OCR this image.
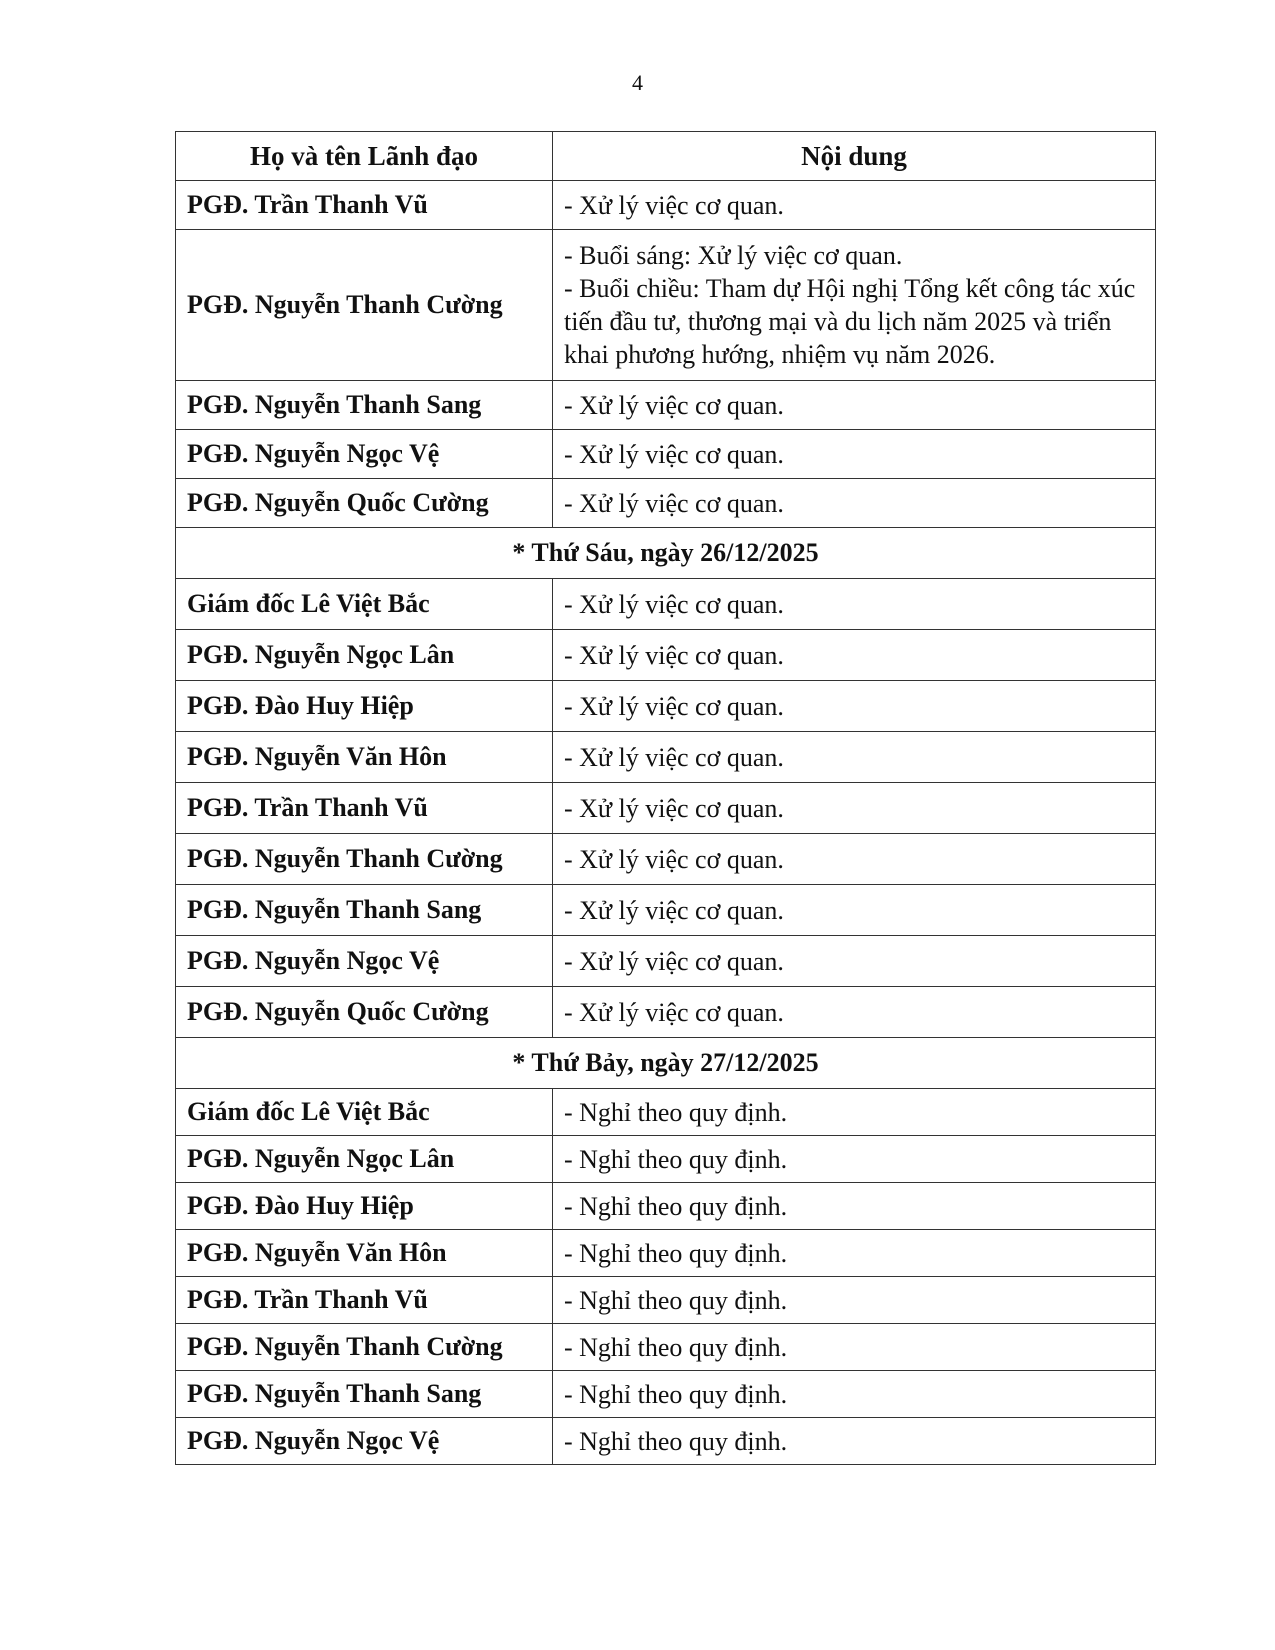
4
Họ và tên Lãnh đạo	Nội dung
PGĐ. Trần Thanh Vũ	- Xử lý việc cơ quan.
PGĐ. Nguyễn Thanh Cường	- Buổi sáng: Xử lý việc cơ quan.
- Buổi chiều: Tham dự Hội nghị Tổng kết công tác xúc tiến đầu tư, thương mại và du lịch năm 2025 và triển khai phương hướng, nhiệm vụ năm 2026.

PGĐ. Nguyễn Thanh Sang	- Xử lý việc cơ quan.
PGĐ. Nguyễn Ngọc Vệ	- Xử lý việc cơ quan.
PGĐ. Nguyễn Quốc Cường	- Xử lý việc cơ quan.
* Thứ Sáu, ngày 26/12/2025	
Giám đốc Lê Việt Bắc	- Xử lý việc cơ quan.
PGĐ. Nguyễn Ngọc Lân	- Xử lý việc cơ quan.
PGĐ. Đào Huy Hiệp	- Xử lý việc cơ quan.
PGĐ. Nguyễn Văn Hôn	- Xử lý việc cơ quan.
PGĐ. Trần Thanh Vũ	- Xử lý việc cơ quan.
PGĐ. Nguyễn Thanh Cường	- Xử lý việc cơ quan.
PGĐ. Nguyễn Thanh Sang	- Xử lý việc cơ quan.
PGĐ. Nguyễn Ngọc Vệ	- Xử lý việc cơ quan.
PGĐ. Nguyễn Quốc Cường	- Xử lý việc cơ quan.
* Thứ Bảy, ngày 27/12/2025	
Giám đốc Lê Việt Bắc	- Nghỉ theo quy định.
PGĐ. Nguyễn Ngọc Lân	- Nghỉ theo quy định.
PGĐ. Đào Huy Hiệp	- Nghỉ theo quy định.
PGĐ. Nguyễn Văn Hôn	- Nghỉ theo quy định.
PGĐ. Trần Thanh Vũ	- Nghỉ theo quy định.
PGĐ. Nguyễn Thanh Cường	- Nghỉ theo quy định.
PGĐ. Nguyễn Thanh Sang	- Nghỉ theo quy định.
PGĐ. Nguyễn Ngọc Vệ	- Nghỉ theo quy định.
